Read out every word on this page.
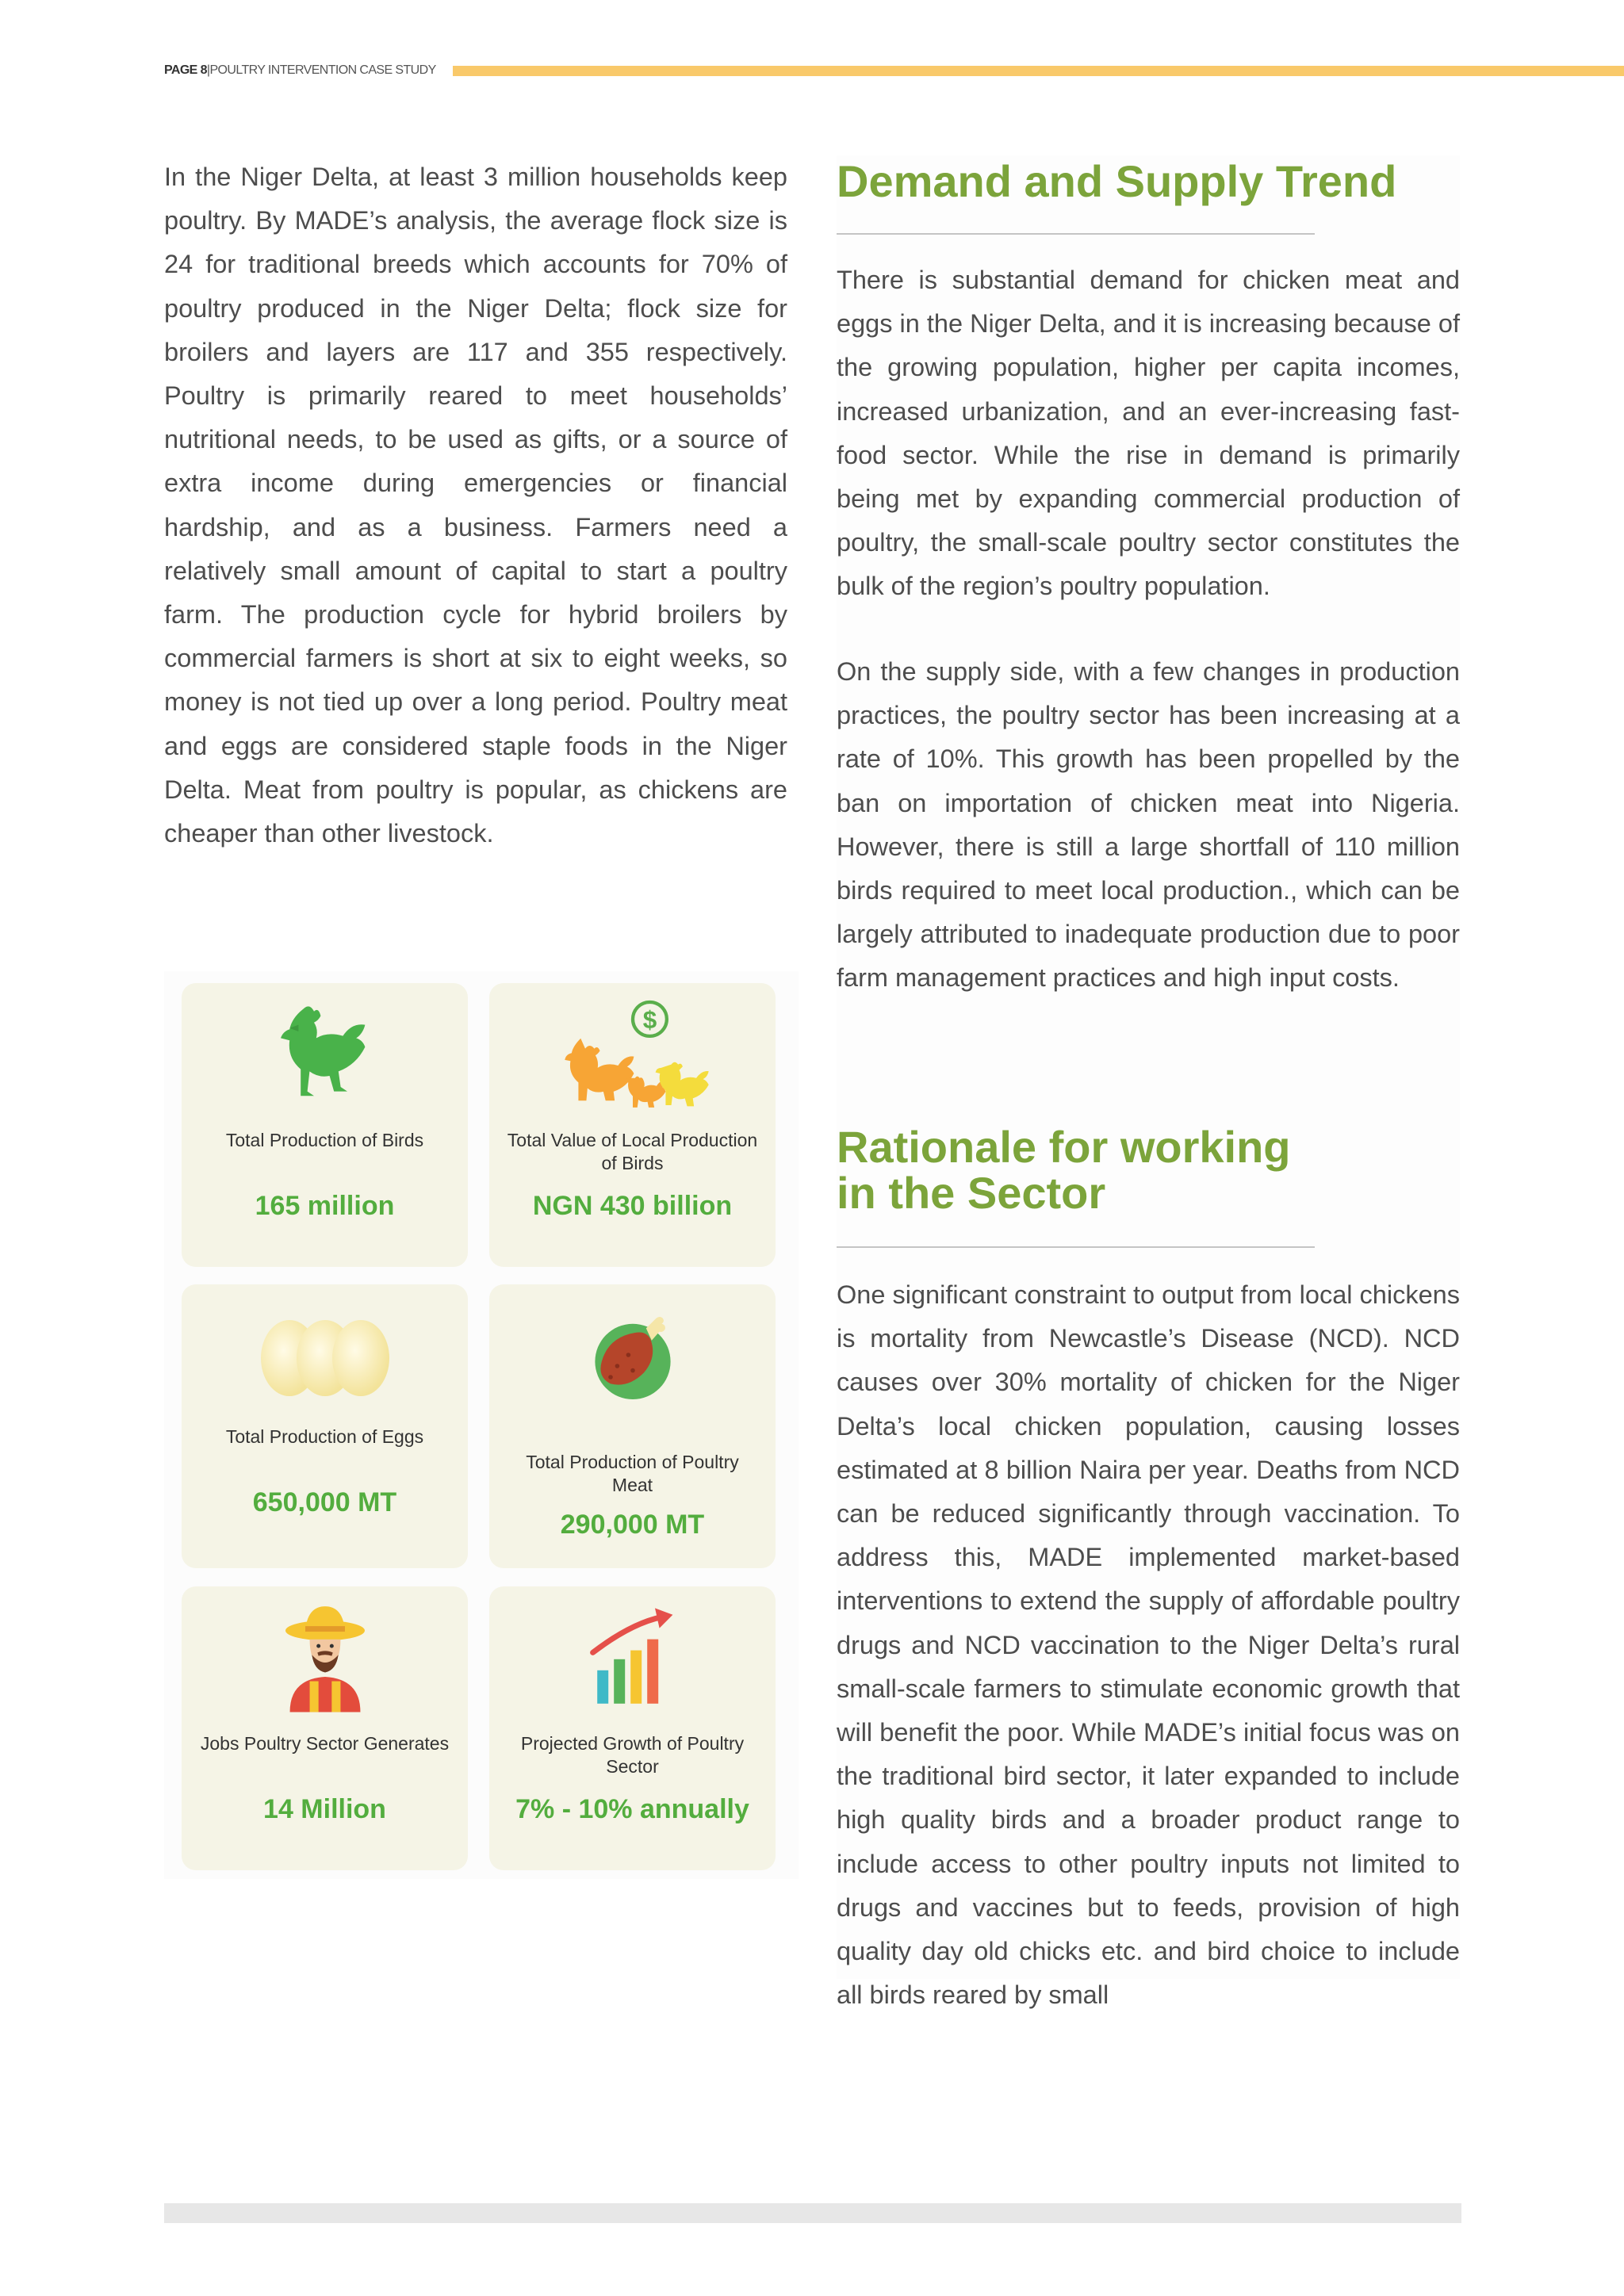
PAGE 8|POULTRY INTERVENTION CASE STUDY

In the Niger Delta, at least 3 million households keep poultry. By MADE’s analysis, the average flock size is 24 for traditional breeds which accounts for 70% of poultry produced in the Niger Delta; flock size for broilers and layers are 117 and 355 respectively. Poultry is primarily reared to meet households’ nutritional needs, to be used as gifts, or a source of extra income during emergencies or financial hardship, and as a business. Farmers need a relatively small amount of capital to start a poultry farm. The production cycle for hybrid broilers by commercial farmers is short at six to eight weeks, so money is not tied up over a long period. Poultry meat and eggs are considered staple foods in the Niger Delta. Meat from poultry is popular, as chickens are cheaper than other livestock.

Demand and Supply Trend

There is substantial demand for chicken meat and eggs in the Niger Delta, and it is increasing because of the growing population, higher per capita incomes, increased urbanization, and an ever-increasing fast-food sector. While the rise in demand is primarily being met by expanding commercial production of poultry, the small-scale poultry sector constitutes the bulk of the region’s poultry population.

On the supply side, with a few changes in production practices, the poultry sector has been increasing at a rate of 10%. This growth has been propelled by the ban on importation of chicken meat into Nigeria. However, there is still a large shortfall of 110 million birds required to meet local production., which can be largely attributed to inadequate production due to poor farm management practices and high input costs.

Rationale for working
in the Sector

One significant constraint to output from local chickens is mortality from Newcastle’s Disease (NCD). NCD causes over 30% mortality of chicken for the Niger Delta’s local chicken population, causing losses estimated at 8 billion Naira per year. Deaths from NCD can be reduced significantly through vaccination. To address this, MADE implemented market-based interventions to extend the supply of affordable poultry drugs and NCD vaccination to the Niger Delta’s rural small-scale farmers to stimulate economic growth that will benefit the poor. While MADE’s initial focus was on the traditional bird sector, it later expanded to include high quality birds and a broader product range to include access to other poultry inputs not limited to drugs and vaccines but to feeds, provision of high quality day old chicks etc. and bird choice to include all birds reared by small

Total Production of Birds
165 million
$
Total Value of Local Production of Birds
NGN 430 billion
Total Production of Eggs
650,000 MT
Total Production of Poultry Meat
290,000 MT
Jobs Poultry Sector Generates
14 Million
Projected Growth of Poultry Sector
7% - 10% annually
